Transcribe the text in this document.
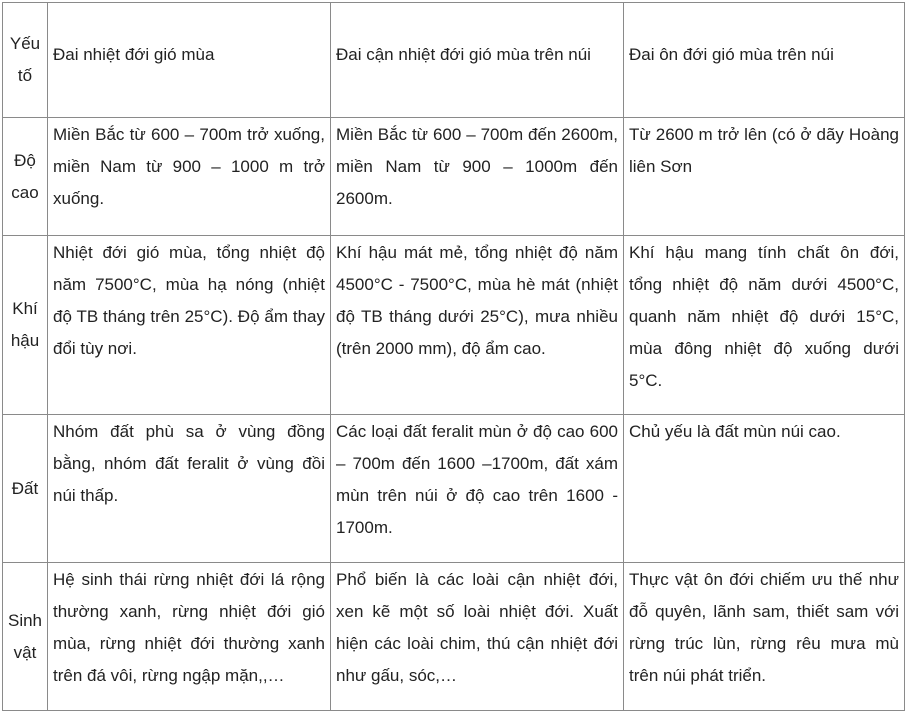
Yếu tố	Đai nhiệt đới gió mùa	Đai cận nhiệt đới gió mùa trên núi	Đai ôn đới gió mùa trên núi
Độ cao	Miền Bắc từ 600 – 700m trở xuống, miền Nam từ 900 – 1000 m trở xuống.	Miền Bắc từ 600 – 700m đến 2600m, miền Nam từ 900 – 1000m đến 2600m.	Từ 2600 m trở lên (có ở dãy Hoàng liên Sơn
Khí hậu	Nhiệt đới gió mùa, tổng nhiệt độ năm 7500°C, mùa hạ nóng (nhiệt độ TB tháng trên 25°C). Độ ẩm thay đổi tùy nơi.	Khí hậu mát mẻ, tổng nhiệt độ năm 4500°C - 7500°C, mùa hè mát (nhiệt độ TB tháng dưới 25°C), mưa nhiều (trên 2000 mm), độ ẩm cao.	Khí hậu mang tính chất ôn đới, tổng nhiệt độ năm dưới 4500°C, quanh năm nhiệt độ dưới 15°C, mùa đông nhiệt độ xuống dưới 5°C.
Đất	Nhóm đất phù sa ở vùng đồng bằng, nhóm đất feralit ở vùng đồi núi thấp.	Các loại đất feralit mùn ở độ cao 600 – 700m đến 1600 –1700m, đất xám mùn trên núi ở độ cao trên 1600 - 1700m.	Chủ yếu là đất mùn núi cao.
Sinh vật	Hệ sinh thái rừng nhiệt đới lá rộng thường xanh, rừng nhiệt đới gió mùa, rừng nhiệt đới thường xanh trên đá vôi, rừng ngập mặn,,…	Phổ biến là các loài cận nhiệt đới, xen kẽ một số loài nhiệt đới. Xuất hiện các loài chim, thú cận nhiệt đới như gấu, sóc,…	Thực vật ôn đới chiếm ưu thế như đỗ quyên, lãnh sam, thiết sam với rừng trúc lùn, rừng rêu mưa mù trên núi phát triển.
